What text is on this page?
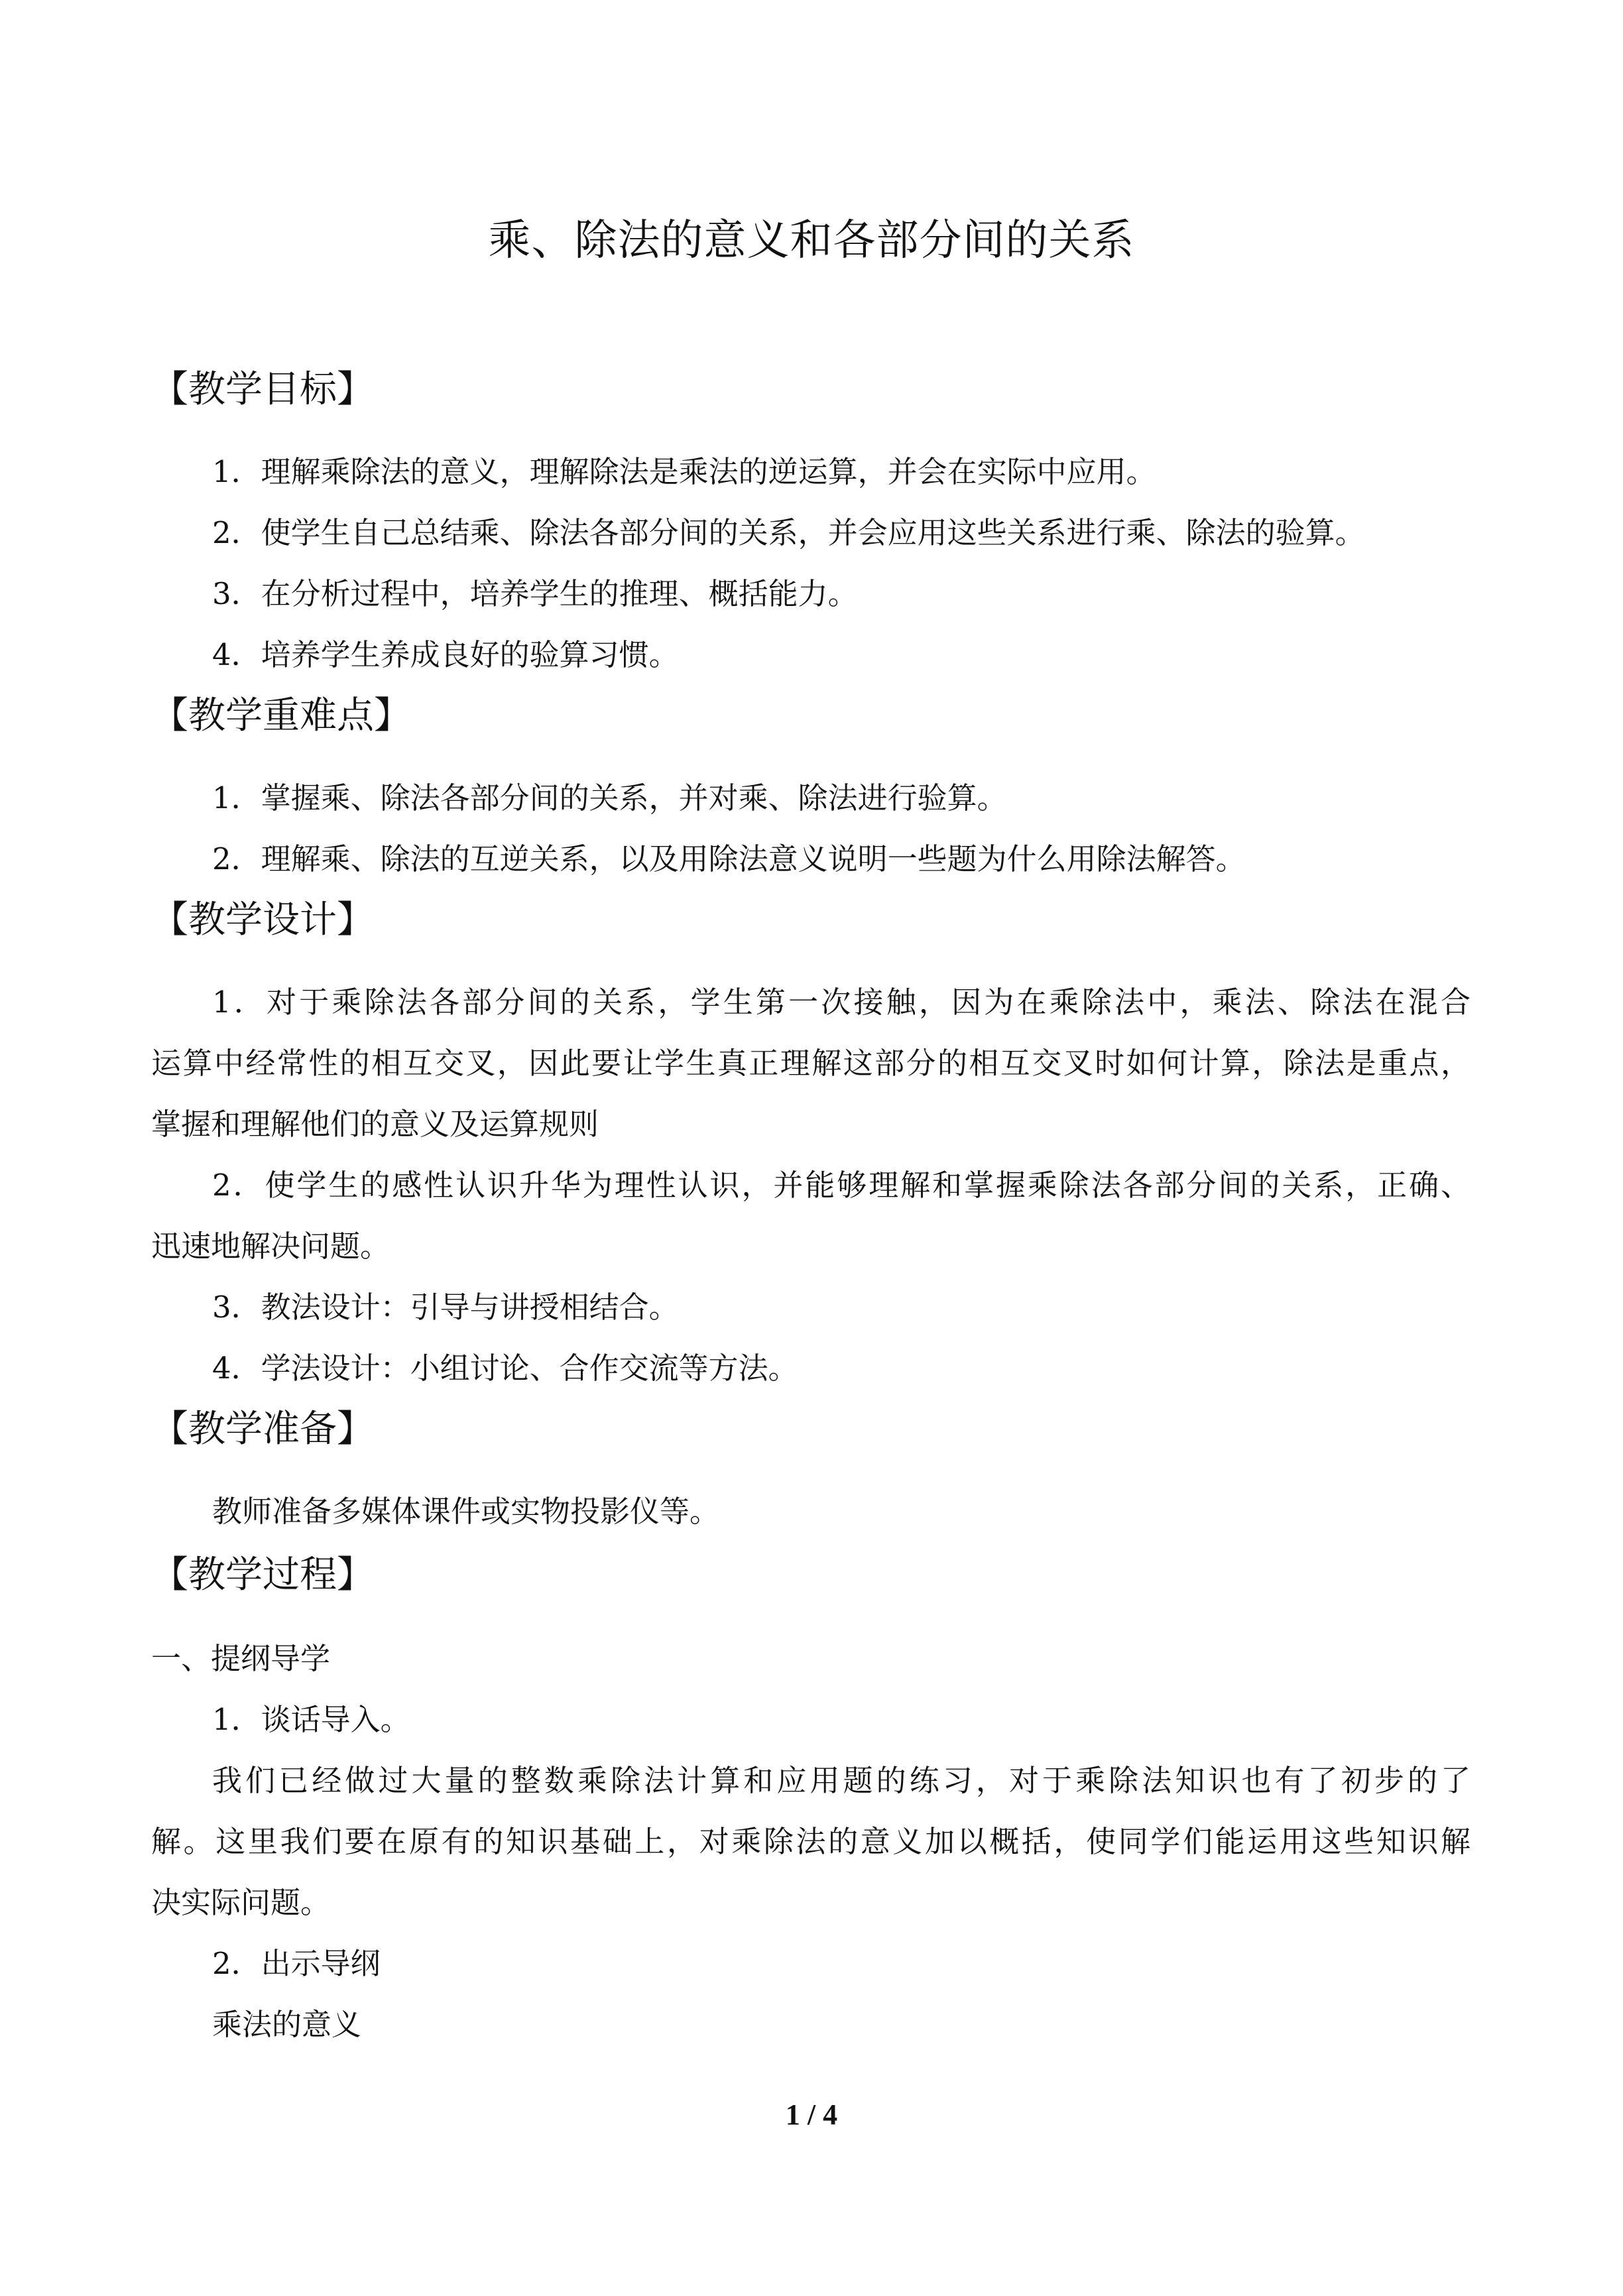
乘、除法的意义和各部分间的关系
【教学目标】
1．理解乘除法的意义，理解除法是乘法的逆运算，并会在实际中应用。
2．使学生自己总结乘、除法各部分间的关系，并会应用这些关系进行乘、除法的验算。
3．在分析过程中，培养学生的推理、概括能力。
4．培养学生养成良好的验算习惯。
【教学重难点】
1．掌握乘、除法各部分间的关系，并对乘、除法进行验算。
2．理解乘、除法的互逆关系，以及用除法意义说明一些题为什么用除法解答。
【教学设计】
1．对于乘除法各部分间的关系，学生第一次接触，因为在乘除法中，乘法、除法在混合
运算中经常性的相互交叉，因此要让学生真正理解这部分的相互交叉时如何计算，除法是重点，
掌握和理解他们的意义及运算规则
2．使学生的感性认识升华为理性认识，并能够理解和掌握乘除法各部分间的关系，正确、
迅速地解决问题。
3．教法设计：引导与讲授相结合。
4．学法设计：小组讨论、合作交流等方法。
【教学准备】
教师准备多媒体课件或实物投影仪等。
【教学过程】
一、提纲导学
1．谈话导入。
我们已经做过大量的整数乘除法计算和应用题的练习，对于乘除法知识也有了初步的了
解。这里我们要在原有的知识基础上，对乘除法的意义加以概括，使同学们能运用这些知识解
决实际问题。
2．出示导纲
乘法的意义
1 / 4
